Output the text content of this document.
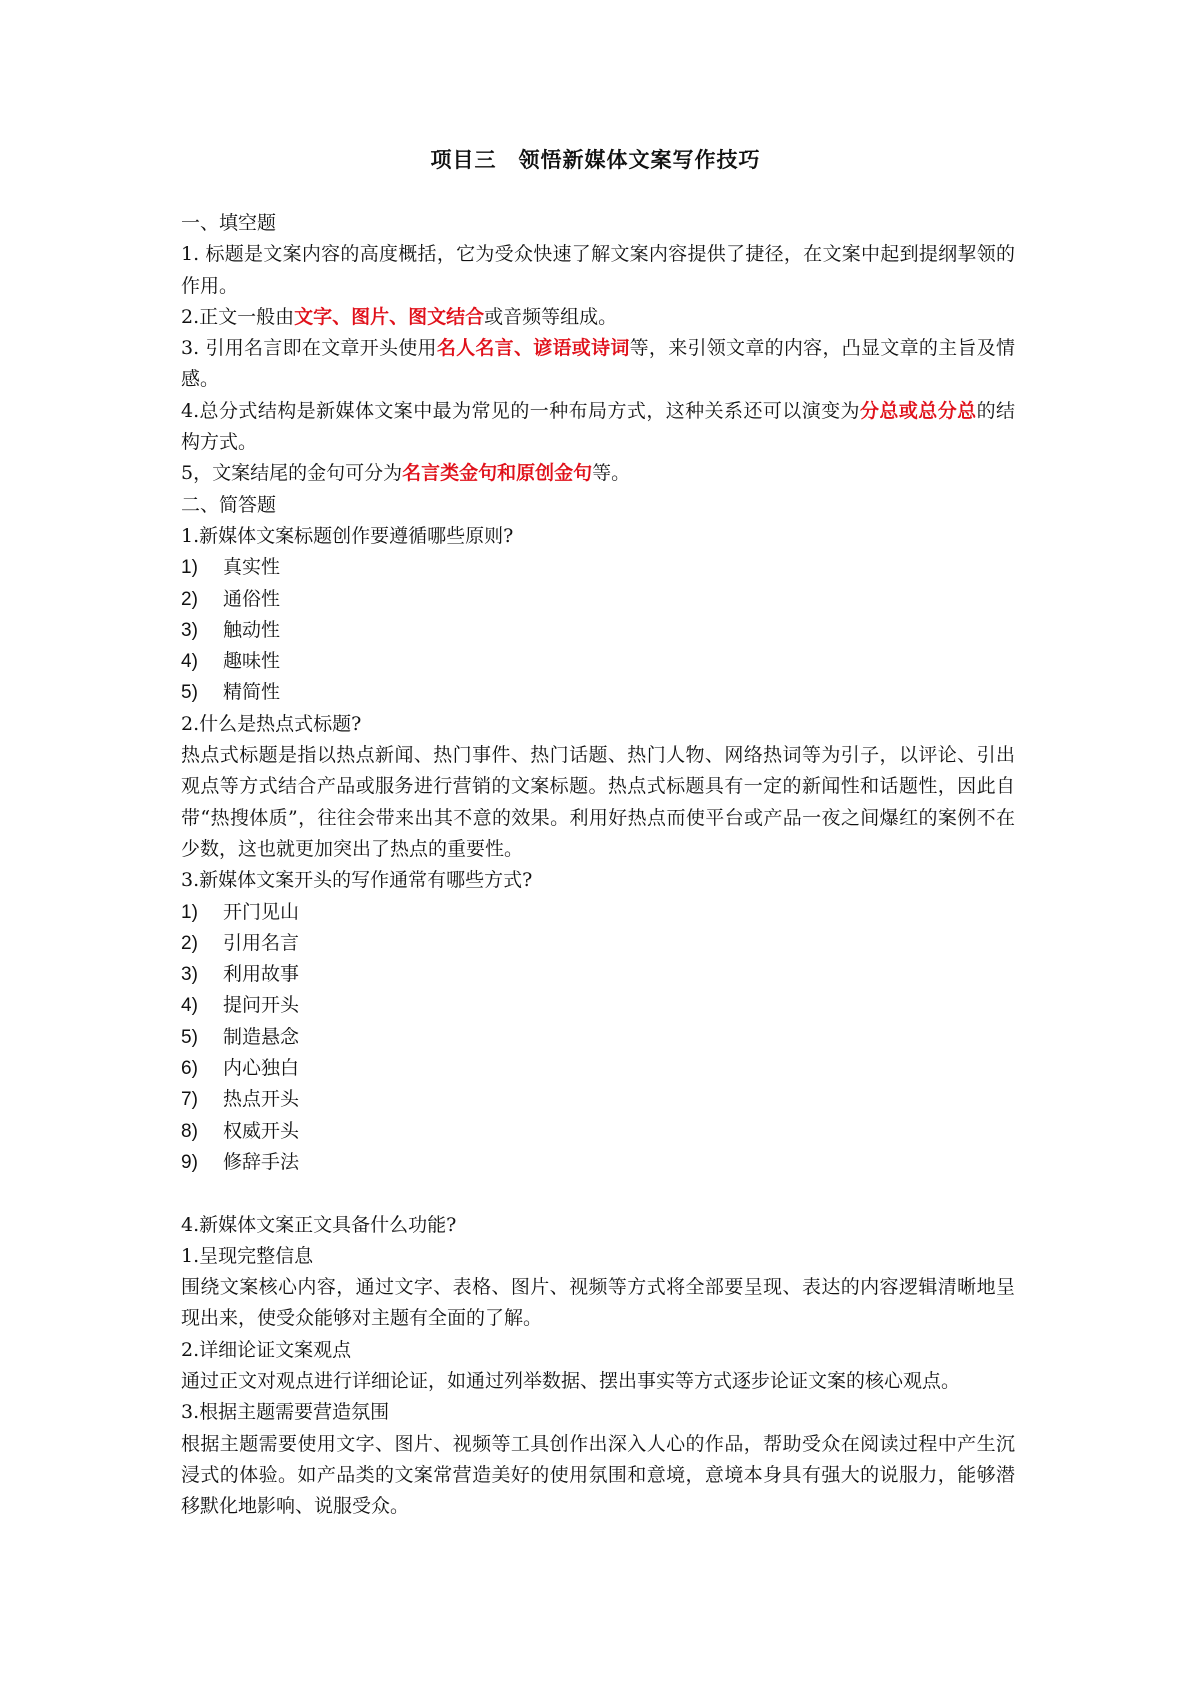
项目三　领悟新媒体文案写作技巧
一、填空题
1. 标题是文案内容的高度概括，它为受众快速了解文案内容提供了捷径，在文案中起到提纲挈领的作用。
2.正文一般由文字、图片、图文结合或音频等组成。
3. 引用名言即在文章开头使用名人名言、谚语或诗词等，来引领文章的内容，凸显文章的主旨及情感。
4.总分式结构是新媒体文案中最为常见的一种布局方式，这种关系还可以演变为分总或总分总的结构方式。
5，文案结尾的金句可分为名言类金句和原创金句等。
二、简答题
1.新媒体文案标题创作要遵循哪些原则?
1) 真实性
2) 通俗性
3) 触动性
4) 趣味性
5) 精简性
2.什么是热点式标题?
热点式标题是指以热点新闻、热门事件、热门话题、热门人物、网络热词等为引子，以评论、引出观点等方式结合产品或服务进行营销的文案标题。热点式标题具有一定的新闻性和话题性，因此自带“热搜体质”，往往会带来出其不意的效果。利用好热点而使平台或产品一夜之间爆红的案例不在少数，这也就更加突出了热点的重要性。
3.新媒体文案开头的写作通常有哪些方式?
1) 开门见山
2) 引用名言
3) 利用故事
4) 提问开头
5) 制造悬念
6) 内心独白
7) 热点开头
8) 权威开头
9) 修辞手法
4.新媒体文案正文具备什么功能?
1.呈现完整信息
围绕文案核心内容，通过文字、表格、图片、视频等方式将全部要呈现、表达的内容逻辑清晰地呈现出来，使受众能够对主题有全面的了解。
2.详细论证文案观点
通过正文对观点进行详细论证，如通过列举数据、摆出事实等方式逐步论证文案的核心观点。
3.根据主题需要营造氛围
根据主题需要使用文字、图片、视频等工具创作出深入人心的作品，帮助受众在阅读过程中产生沉浸式的体验。如产品类的文案常营造美好的使用氛围和意境，意境本身具有强大的说服力，能够潜移默化地影响、说服受众。
